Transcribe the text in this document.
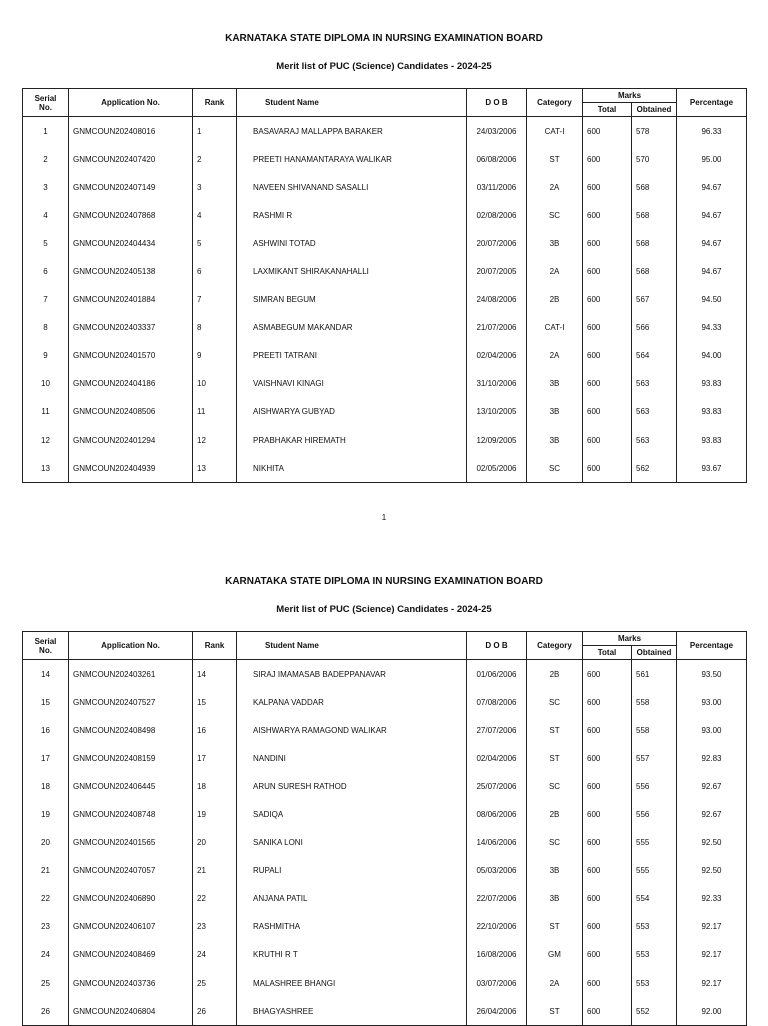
KARNATAKA STATE DIPLOMA IN NURSING EXAMINATION BOARD
Merit list of PUC (Science) Candidates - 2024-25
Serial
No.	Application No.	Rank	Student Name	D O B	Category	Marks		Percentage
						Total	Obtained	
1	GNMCOUN202408016	1	BASAVARAJ MALLAPPA BARAKER	24/03/2006	CAT-I	600	578	96.33
2	GNMCOUN202407420	2	PREETI HANAMANTARAYA WALIKAR	06/08/2006	ST	600	570	95.00
3	GNMCOUN202407149	3	NAVEEN SHIVANAND SASALLI	03/11/2006	2A	600	568	94.67
4	GNMCOUN202407868	4	RASHMI R	02/08/2006	SC	600	568	94.67
5	GNMCOUN202404434	5	ASHWINI TOTAD	20/07/2006	3B	600	568	94.67
6	GNMCOUN202405138	6	LAXMIKANT SHIRAKANAHALLI	20/07/2005	2A	600	568	94.67
7	GNMCOUN202401884	7	SIMRAN BEGUM	24/08/2006	2B	600	567	94.50
8	GNMCOUN202403337	8	ASMABEGUM MAKANDAR	21/07/2006	CAT-I	600	566	94.33
9	GNMCOUN202401570	9	PREETI TATRANI	02/04/2006	2A	600	564	94.00
10	GNMCOUN202404186	10	VAISHNAVI KINAGI	31/10/2006	3B	600	563	93.83
11	GNMCOUN202408506	11	AISHWARYA GUBYAD	13/10/2005	3B	600	563	93.83
12	GNMCOUN202401294	12	PRABHAKAR HIREMATH	12/09/2005	3B	600	563	93.83
13	GNMCOUN202404939	13	NIKHITA	02/05/2006	SC	600	562	93.67
1
KARNATAKA STATE DIPLOMA IN NURSING EXAMINATION BOARD
Merit list of PUC (Science) Candidates - 2024-25
Serial
No.	Application No.	Rank	Student Name	D O B	Category	Marks		Percentage
						Total	Obtained	
14	GNMCOUN202403261	14	SIRAJ IMAMASAB BADEPPANAVAR	01/06/2006	2B	600	561	93.50
15	GNMCOUN202407527	15	KALPANA VADDAR	07/08/2006	SC	600	558	93.00
16	GNMCOUN202408498	16	AISHWARYA RAMAGOND WALIKAR	27/07/2006	ST	600	558	93.00
17	GNMCOUN202408159	17	NANDINI	02/04/2006	ST	600	557	92.83
18	GNMCOUN202406445	18	ARUN SURESH RATHOD	25/07/2006	SC	600	556	92.67
19	GNMCOUN202408748	19	SADIQA	08/06/2006	2B	600	556	92.67
20	GNMCOUN202401565	20	SANIKA LONI	14/06/2006	SC	600	555	92.50
21	GNMCOUN202407057	21	RUPALI	05/03/2006	3B	600	555	92.50
22	GNMCOUN202406890	22	ANJANA PATIL	22/07/2006	3B	600	554	92.33
23	GNMCOUN202406107	23	RASHMITHA	22/10/2006	ST	600	553	92.17
24	GNMCOUN202408469	24	KRUTHI R T	16/08/2006	GM	600	553	92.17
25	GNMCOUN202403736	25	MALASHREE BHANGI	03/07/2006	2A	600	553	92.17
26	GNMCOUN202406804	26	BHAGYASHREE	26/04/2006	ST	600	552	92.00
